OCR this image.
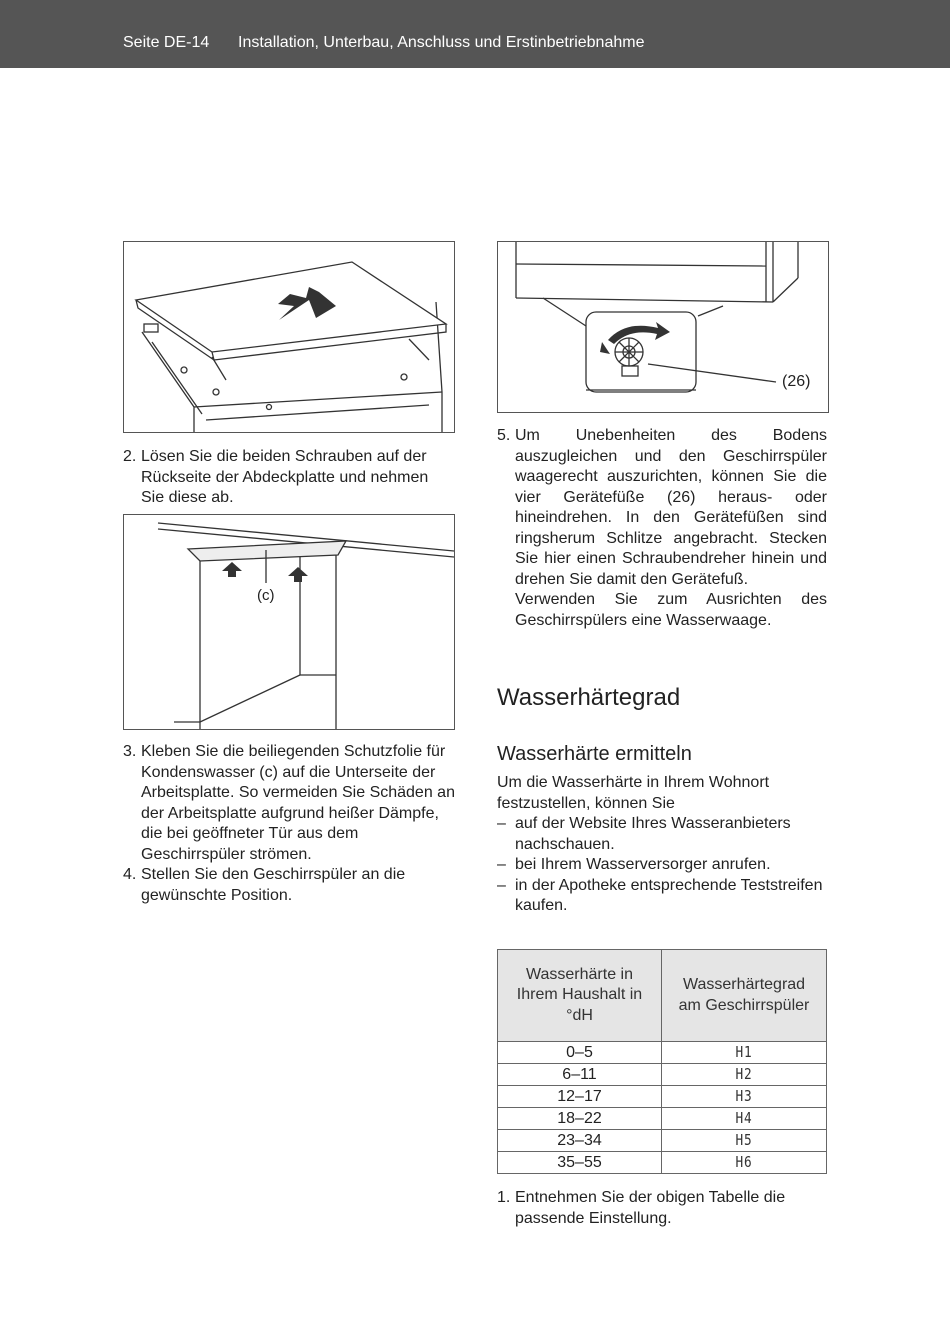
Seite DE-14 Installation, Unterbau, Anschluss und Erstinbetriebnahme
2. Lösen Sie die beiden Schrauben auf der Rückseite der Abdeckplatte und nehmen Sie diese ab.

(c)
3. Kleben Sie die beiliegenden Schutzfolie für Kondenswasser (c) auf die Unterseite der Arbeitsplatte. So vermeiden Sie Schäden an der Arbeitsplatte aufgrund heißer Dämpfe, die bei geöffneter Tür aus dem Geschirrspüler strömen.

4. Stellen Sie den Geschirrspüler an die gewünschte Position.

(26)
5. Um Unebenheiten des Bodens auszugleichen und den Geschirrspüler waagerecht auszurichten, können Sie die vier Gerätefüße (26) heraus- oder hineindrehen. In den Gerätefüßen sind ringsherum Schlitze angebracht. Stecken Sie hier einen Schraubendreher hinein und drehen Sie damit den Gerätefuß.

Verwenden Sie zum Ausrichten des Geschirrspülers eine Wasserwaage.

Wasserhärtegrad
Wasserhärte ermitteln

Um die Wasserhärte in Ihrem Wohnort festzustellen, können Sie

– auf der Website Ihres Wasseranbieters nachschauen.
– bei Ihrem Wasserversorger anrufen.
– in der Apotheke entsprechende Teststreifen kaufen.
Wasserhärte in Ihrem Haushalt in °dH	Wasserhärtegrad am Geschirrspüler
0–5	H1
6–11	H2
12–17	H3
18–22	H4
23–34	H5
35–55	H6
1. Entnehmen Sie der obigen Tabelle die passende Einstellung.
